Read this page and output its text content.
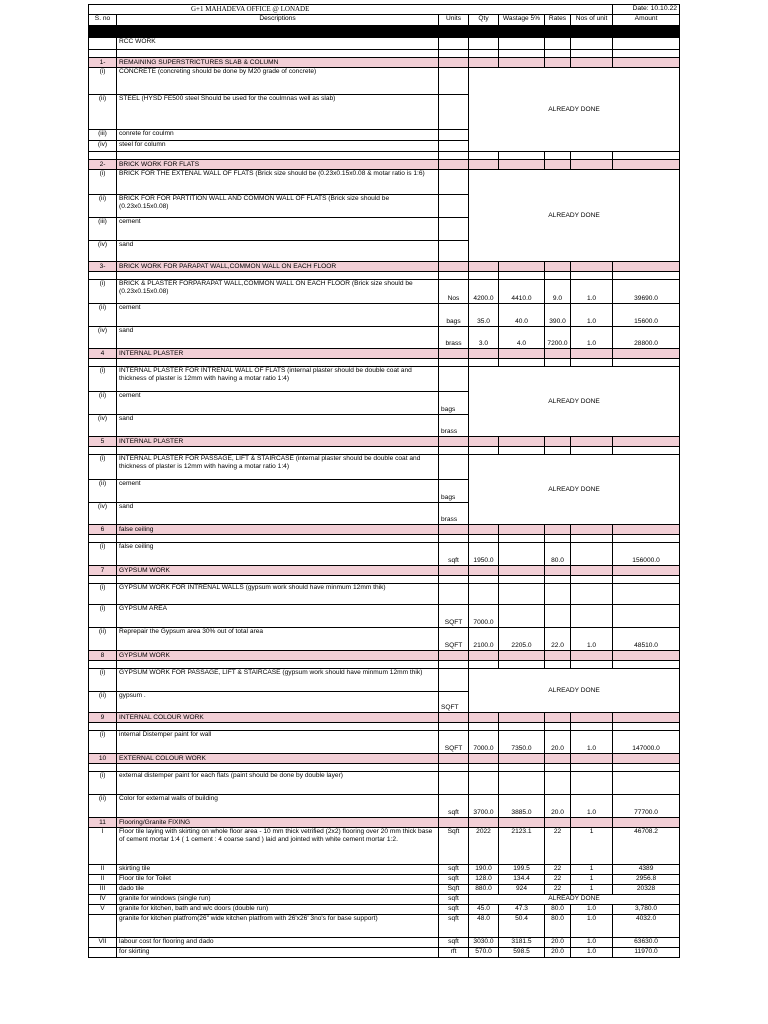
G+1 MAHADEVA OFFICE @ LONADE							Date: 10.10.22
S. no	Descriptions	Units	Qty	Wastage 5%	Rates	Nos of unit	Amount

	RCC WORK						

1-	REMAINING SUPERSTRICTURES SLAB & COLUMN						
(i)	CONCRETE (concreting should be done by M20 grade of concrete)		ALREADY DONE				
(ii)	STEEL (HYSD FE500 steel Should be used for the coulmnas well as slab)						
(iii)	conrete for coulmn						
(iv)	steel for column						

2-	BRICK WORK FOR FLATS						
(i)	BRICK FOR THE EXTENAL WALL OF FLATS (Brick size should be (0.23x0.15x0.08 & motar ratio is 1:6)		ALREADY DONE				
(ii)	BRICK FOR FOR PARTITION WALL AND COMMON WALL OF FLATS (Brick size should be (0.23x0.15x0.08)						
(iii)	cement						
(iv)	sand						
3-	BRICK WORK FOR PARAPAT WALL,COMMON WALL ON EACH FLOOR						

(i)	BRICK & PLASTER FORPARAPAT WALL,COMMON WALL ON EACH FLOOR (Brick size should be (0.23x0.15x0.08)	Nos	4200.0	4410.0	9.0	1.0	39690.0
(ii)	cement	bags	35.0	40.0	390.0	1.0	15600.0
(iv)	sand	brass	3.0	4.0	7200.0	1.0	28800.0
4	INTERNAL PLASTER						

(i)	INTERNAL PLASTER FOR INTRENAL WALL OF FLATS (internal plaster should be double coat and thickness of plaster is 12mm with having a motar ratio 1:4)		ALREADY DONE				
(ii)	cement	bags					
(iv)	sand	brass					
5	INTERNAL PLASTER						

(i)	INTERNAL PLASTER FOR PASSAGE, LIFT & STAIRCASE (internal plaster should be double coat and thickness of plaster is 12mm with having a motar ratio 1:4)		ALREADY DONE				
(ii)	cement	bags					
(iv)	sand	brass					
6	false ceiling						

(i)	false ceiling	sqft	1950.0		80.0		156000.0
7	GYPSUM WORK						

(i)	GYPSUM WORK FOR INTRENAL WALLS (gypsum work should have minmum 12mm thik)						
(i)	GYPSUM AREA	SQFT	7000.0				
(ii)	Reprepair the Gypsum area 30% out of total area	SQFT	2100.0	2205.0	22.0	1.0	48510.0
8	GYPSUM WORK						

(i)	GYPSUM WORK FOR PASSAGE, LIFT & STAIRCASE (gypsum work should have minmum 12mm thik)		ALREADY DONE				
(ii)	gypsum .	SQFT					
9	INTERNAL COLOUR WORK						

(i)	internal Distemper paint for wall	SQFT	7000.0	7350.0	20.0	1.0	147000.0
10	EXTERNAL COLOUR WORK						

(i)	external distemper paint for each flats (paint should be done by double layer)						
(ii)	Color for external walls of building	sqft	3700.0	3885.0	20.0	1.0	77700.0
11	Flooring/Granite FIXING						
I	Floor tile laying with skirting on whole floor area - 10 mm thick vetrified (2x2) flooring over 20 mm thick base of cement mortar 1:4 ( 1 cement : 4 coarse sand ) laid and jointed with white cement mortar 1:2.	Sqft	2022	2123.1	22	1	46708.2
II	skirting tile	sqft	190.0	199.5	22	1	4389
II	Floor tile for Toilet	sqft	128.0	134.4	22	1	2956.8
III	dado tile	Sqft	880.0	924	22	1	20328
IV	granite for windows (single run)	sqft	ALREADY DONE				
V	granite for kitchen, bath and w/c doors (double run)	sqft	45.0	47.3	80.0	1.0	3,780.0
	granite for kitchen platfrom(26" wide kitchen platfrom with 26'x26' 3no's for base support)	sqft	48.0	50.4	80.0	1.0	4032.0
VII	labour cost for flooring and dado	sqft	3030.0	3181.5	20.0	1.0	63630.0
	for skirting	rft	570.0	598.5	20.0	1.0	11970.0
